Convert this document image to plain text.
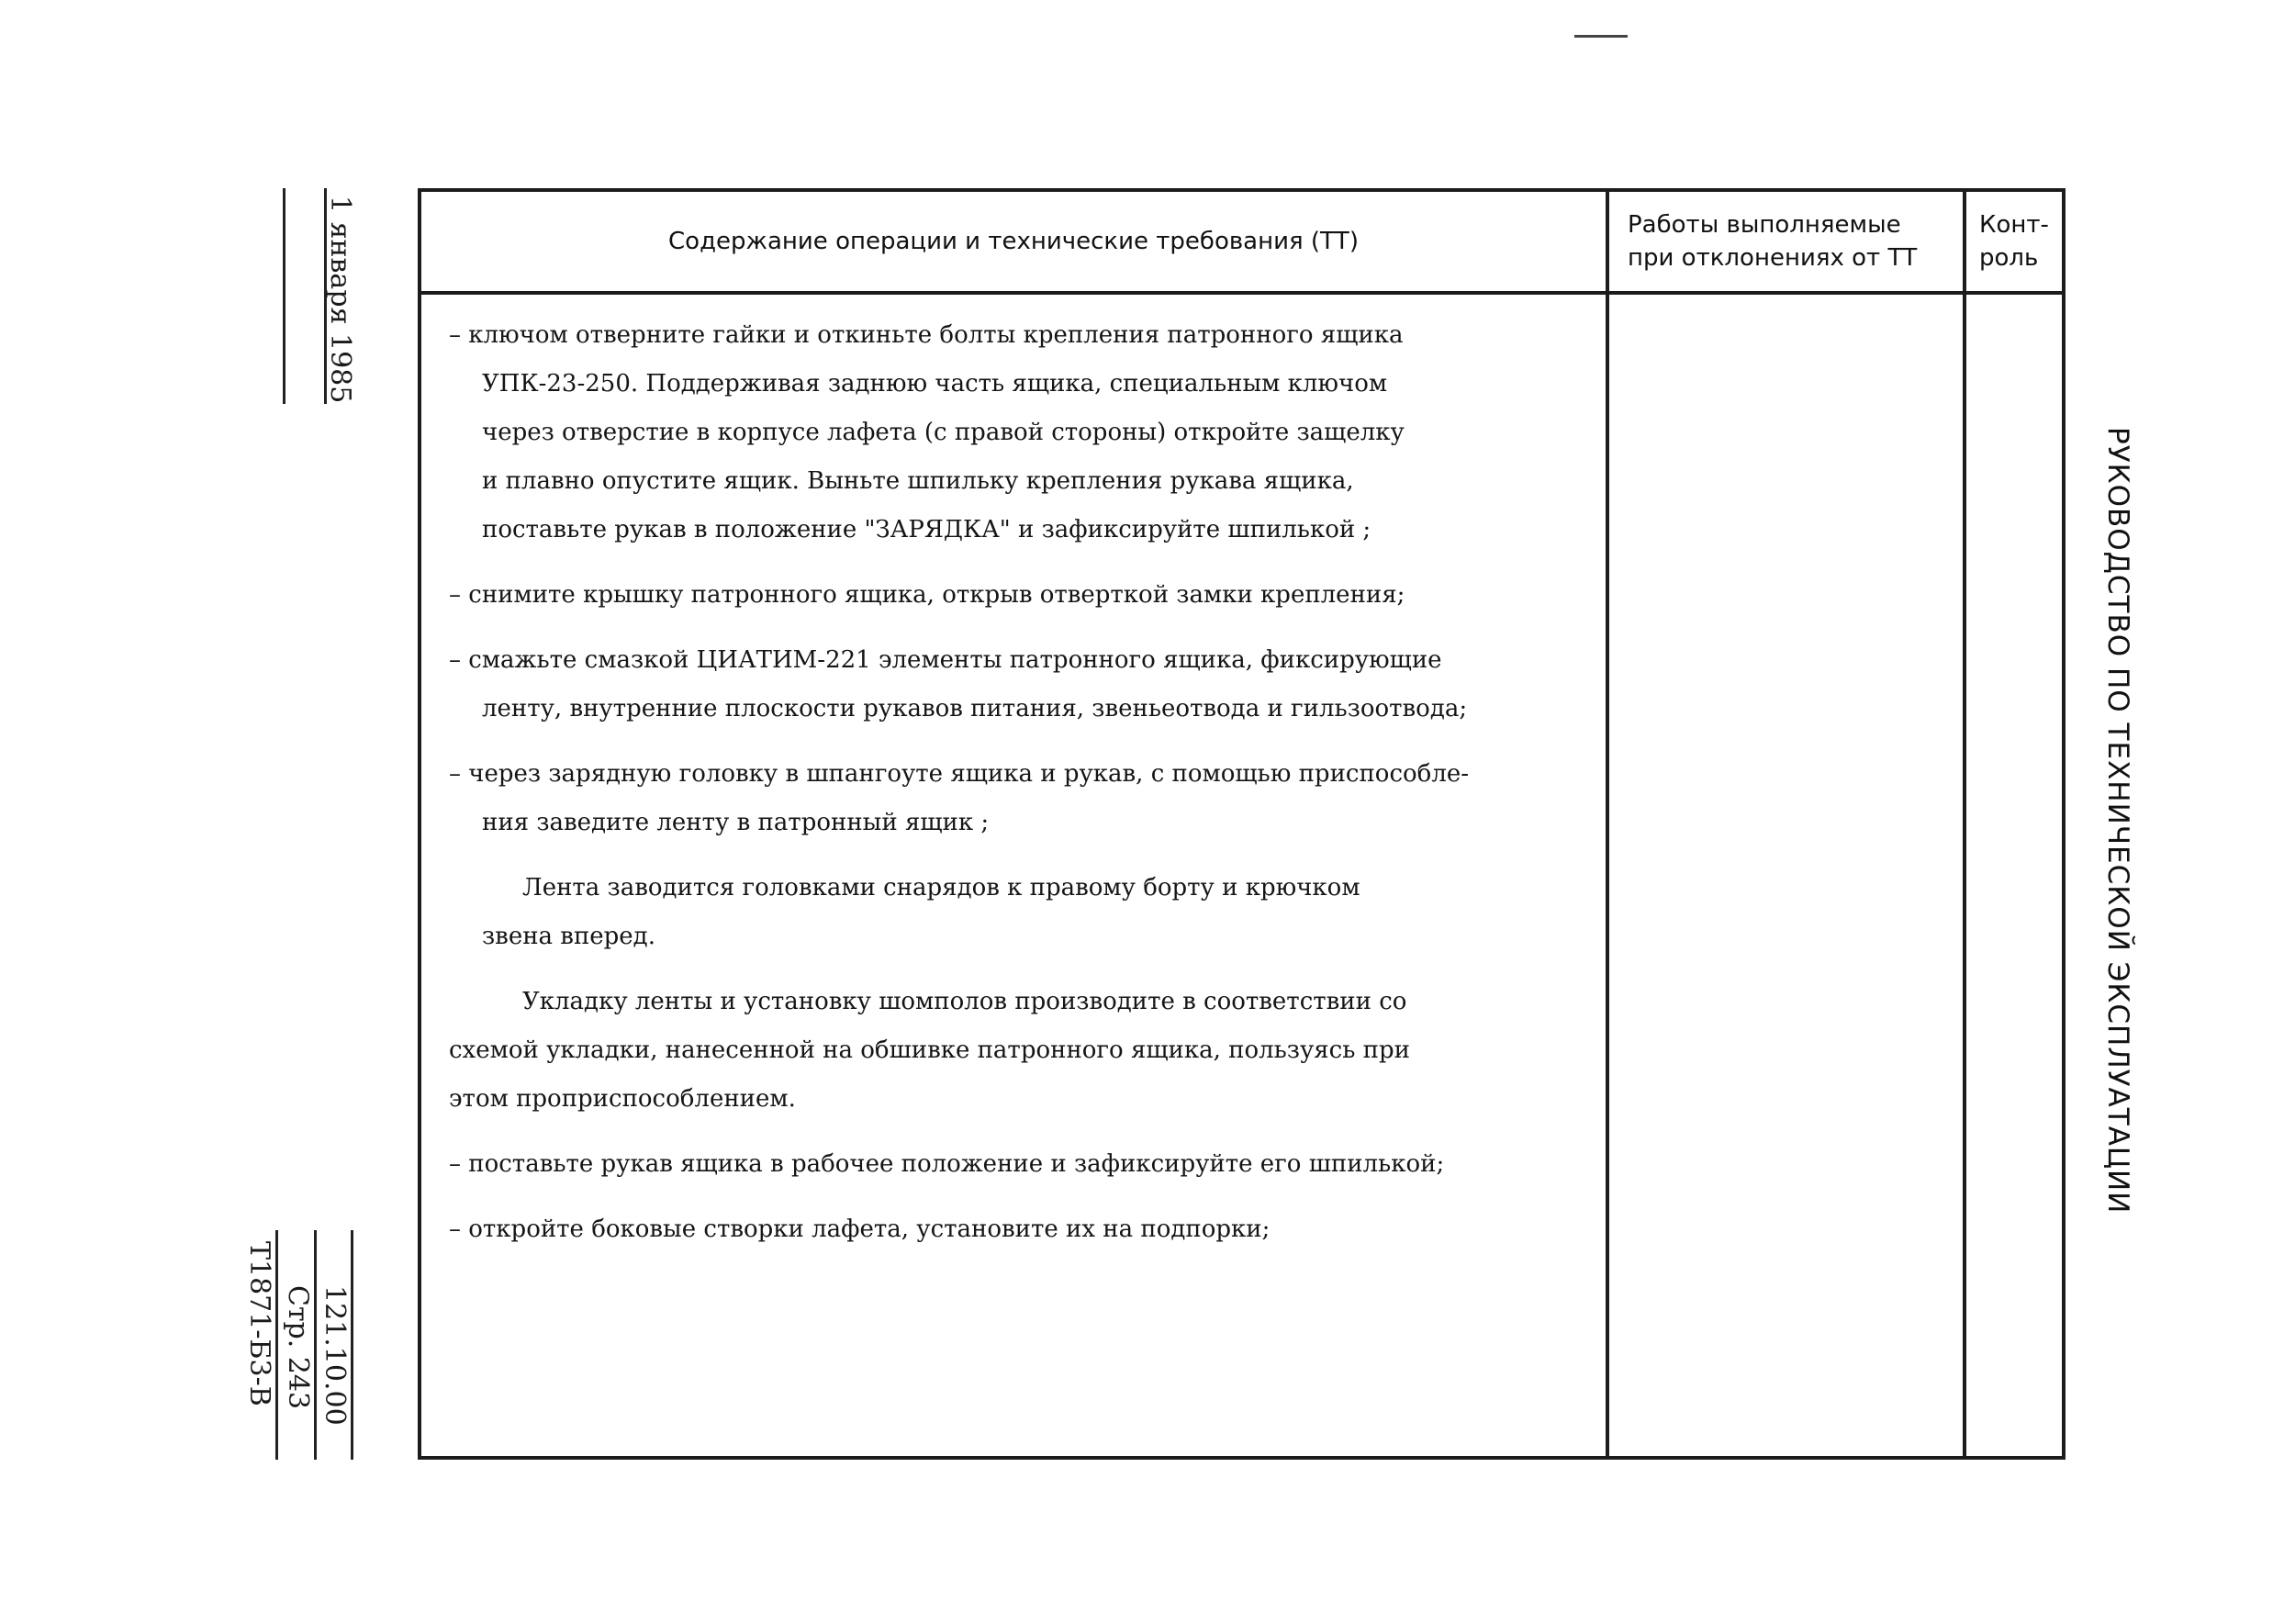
1 января 1985
121.10.00
Стр. 243
Т1871-Б3-В
РУКОВОДСТВО ПО ТЕХНИЧЕСКОЙ ЭКСПЛУАТАЦИИ
Содержание операции и технические требования (ТТ)
Работы выполняемые
при отклонениях от ТТ
Конт-
роль
– ключом отверните гайки и откиньте болты крепления патронного ящика
УПК-23-250. Поддерживая заднюю часть ящика, специальным ключом
через отверстие в корпусе лафета (с правой стороны) откройте защелку
и плавно опустите ящик. Выньте шпильку крепления рукава ящика,
поставьте рукав в положение "ЗАРЯДКА" и зафиксируйте шпилькой ;
– снимите крышку патронного ящика, открыв отверткой замки крепления;
– смажьте смазкой ЦИАТИМ-221 элементы патронного ящика, фиксирующие
ленту, внутренние плоскости рукавов питания, звеньеотвода и гильзоотвода;
– через зарядную головку в шпангоуте ящика и рукав, с помощью приспособле-
ния заведите ленту в патронный ящик ;
Лента заводится головками снарядов к правому борту и крючком
звена вперед.
Укладку ленты и установку шомполов производите в соответствии со
схемой укладки, нанесенной на обшивке патронного ящика, пользуясь при
этом проприспособлением.
– поставьте рукав ящика в рабочее положение и зафиксируйте его шпилькой;
– откройте боковые створки лафета, установите их на подпорки;
